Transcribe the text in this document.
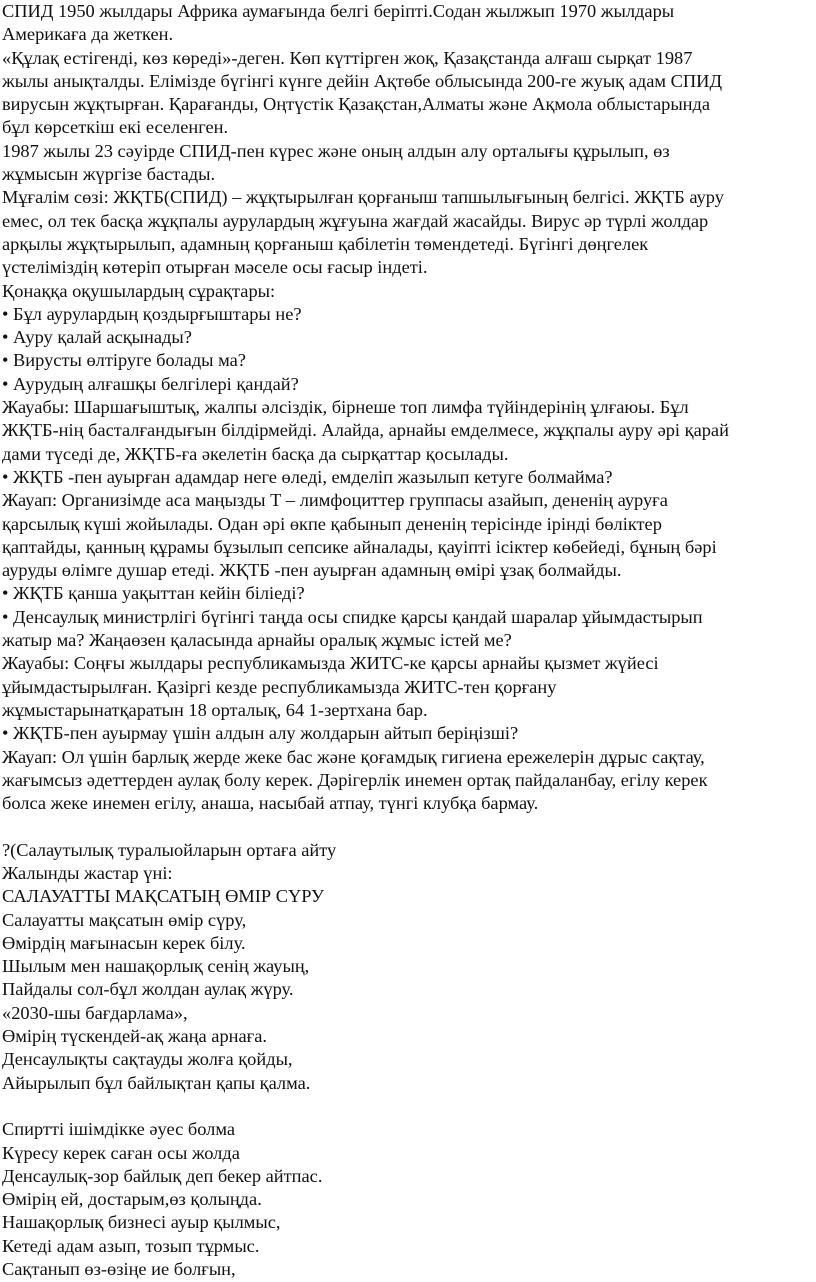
СПИД 1950 жылдары Африка аумағында белгі берiптi.Содан жылжып 1970 жылдары
Америкаға да жеткен.
«Құлақ естігенді, көз көреді»-деген. Көп күттiрген жоқ, Қазақстанда алғаш сырқат 1987
жылы анықталды. Елiмiзде бүгiнгi күнге дейiн Ақтөбе облысында 200-ге жуық адам СПИД
вирусын жұқтырған. Қарағанды, Оңтүстiк Қазақстан,Алматы және Ақмола облыстарында
бұл көрсеткiш екi еселенген.
1987 жылы 23 сәуiрде СПИД-пен күрес және оның алдын алу орталығы құрылып, өз
жұмысын жүргiзе бастады.
Мұғалім сөзі: ЖҚТБ(СПИД) – жұқтырылған қорғаныш тапшылығының белгісі. ЖҚТБ ауру
емес, ол тек басқа жұқпалы аурулардың жұғуына жағдай жасайды. Вирус әр түрлі жолдар
арқылы жұқтырылып, адамның қорғаныш қабілетін төмендетеді. Бүгінгі дөңгелек
үстеліміздің көтеріп отырған мәселе осы ғасыр індеті.
Қонаққа оқушылардың сұрақтары:
• Бұл аурулардың қоздырғыштары не?
• Ауру қалай асқынады?
• Вирусты өлтіруге болады ма?
• Аурудың алғашқы белгілері қандай?
Жауабы: Шаршағыштық, жалпы әлсіздік, бірнеше топ лимфа түйіндерінің ұлғаюы. Бұл
ЖҚТБ-нің басталғандығын білдірмейді. Алайда, арнайы емделмесе, жұқпалы ауру әрі қарай
дами түседі де, ЖҚТБ-ға әкелетін басқа да сырқаттар қосылады.
• ЖҚТБ -пен ауырған адамдар неге өледі, емделіп жазылып кетуге болмайма?
Жауап: Организімде аса маңызды Т – лимфоциттер группасы азайып, дененің ауруға
қарсылық күші жойылады. Одан әрі өкпе қабынып дененің терісінде ірінді бөліктер
қаптайды, қанның құрамы бұзылып сепсике айналады, қауіпті ісіктер көбейеді, бұның бәрі
ауруды өлімге душар етеді. ЖҚТБ -пен ауырған адамның өмірі ұзақ болмайды.
• ЖҚТБ қанша уақыттан кейін біліеді?
• Денсаулық министрлігі бүгінгі таңда осы спидке қарсы қандай шаралар ұйымдастырып
жатыр ма? Жаңаөзен қаласында арнайы оралық жұмыс істей ме?
Жауабы: Соңғы жылдары республикамызда ЖИТС-ке қарсы арнайы қызмет жүйесі
ұйымдастырылған. Қазіргі кезде республикамызда ЖИТС-тен қорғану
жұмыстарынатқаратын 18 орталық, 64 1-зертхана бар.
• ЖҚТБ-пен ауырмау үшін алдын алу жолдарын айтып беріңізші?
Жауап: Ол үшін барлық жерде жеке бас және қоғамдық гигиена ережелерін дұрыс сақтау,
жағымсыз әдеттерден аулақ болу керек. Дәрігерлік инемен ортақ пайдаланбау, егілу керек
болса жеке инемен егілу, анаша, насыбай атпау, түнгі клубқа бармау.
?(Салаутылық туралыойларын ортаға айту
Жалынды жастар үні:
САЛАУАТТЫ МАҚСАТЫҢ ӨМІР СҮРУ
Салауатты мақсатын өмір сүру,
Өмірдің мағынасын керек білу.
Шылым мен нашақорлық сенің жауың,
Пайдалы сол-бұл жолдан аулақ жүру.
«2030-шы бағдарлама»,
Өмірің түскендей-ақ жаңа арнаға.
Денсаулықты сақтауды жолға қойды,
Айырылып бұл байлықтан қапы қалма.
Спиртті ішімдікке әуес болма
Күресу керек саған осы жолда
Денсаулық-зор байлық деп бекер айтпас.
Өмірің ей, достарым,өз қолыңда.
Нашақорлық бизнесі ауыр қылмыс,
Кетеді адам азып, тозып тұрмыс.
Сақтанып өз-өзіңе ие болғын,
